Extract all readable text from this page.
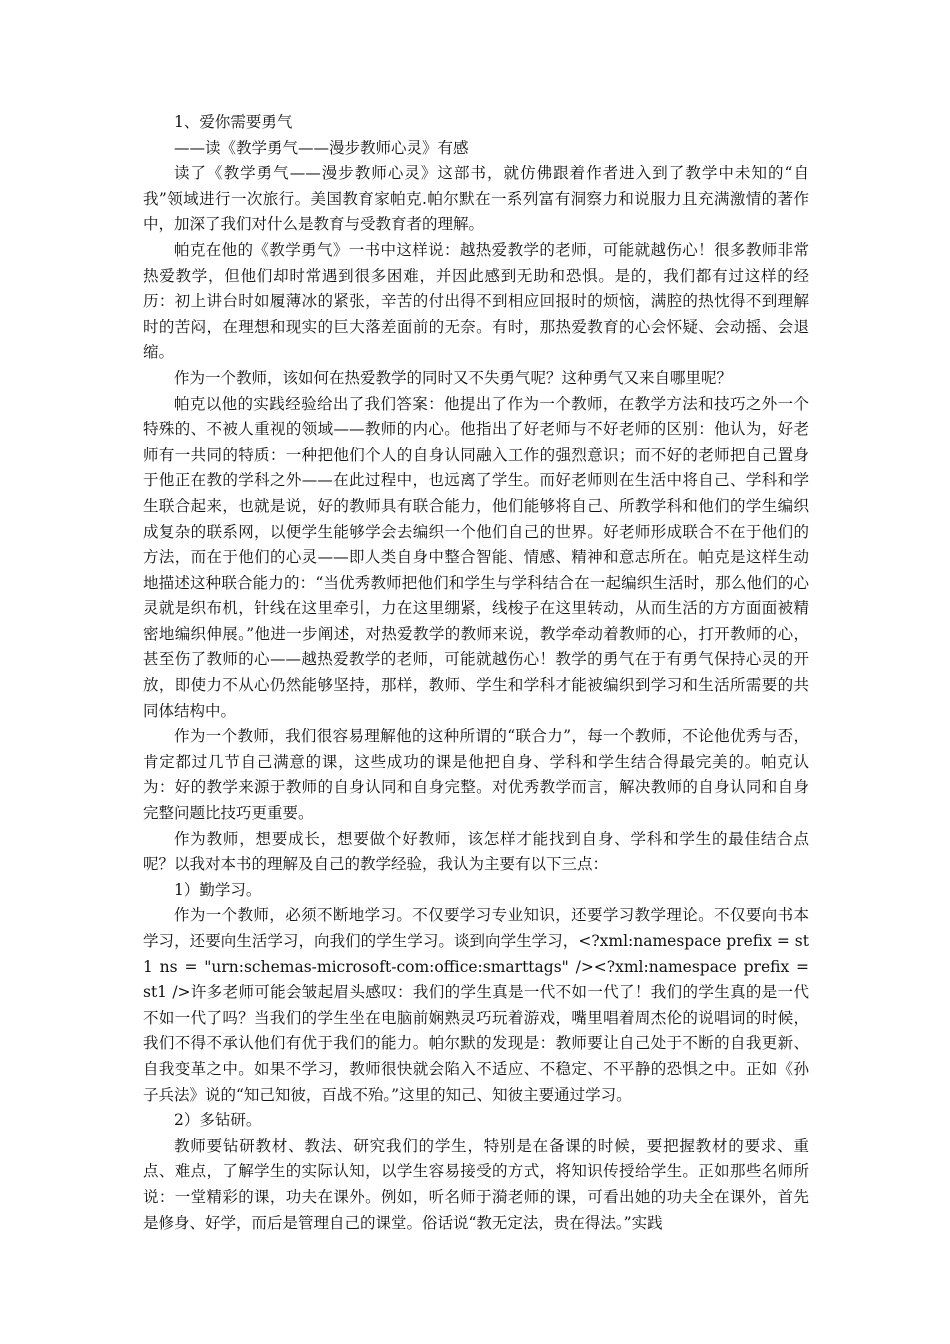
1、爱你需要勇气

——读《教学勇气——漫步教师心灵》有感

读了《教学勇气——漫步教师心灵》这部书，就仿佛跟着作者进入到了教学中未知的“自我”领域进行一次旅行。美国教育家帕克.帕尔默在一系列富有洞察力和说服力且充满激情的著作中，加深了我们对什么是教育与受教育者的理解。

帕克在他的《教学勇气》一书中这样说：越热爱教学的老师，可能就越伤心！很多教师非常热爱教学，但他们却时常遇到很多困难，并因此感到无助和恐惧。是的，我们都有过这样的经历：初上讲台时如履薄冰的紧张，辛苦的付出得不到相应回报时的烦恼，满腔的热忱得不到理解时的苦闷，在理想和现实的巨大落差面前的无奈。有时，那热爱教育的心会怀疑、会动摇、会退缩。

作为一个教师，该如何在热爱教学的同时又不失勇气呢？这种勇气又来自哪里呢？

帕克以他的实践经验给出了我们答案：他提出了作为一个教师，在教学方法和技巧之外一个特殊的、不被人重视的领域——教师的内心。他指出了好老师与不好老师的区别：他认为，好老师有一共同的特质：一种把他们个人的自身认同融入工作的强烈意识；而不好的老师把自己置身于他正在教的学科之外——在此过程中，也远离了学生。而好老师则在生活中将自己、学科和学生联合起来，也就是说，好的教师具有联合能力，他们能够将自己、所教学科和他们的学生编织成复杂的联系网，以便学生能够学会去编织一个他们自己的世界。好老师形成联合不在于他们的方法，而在于他们的心灵——即人类自身中整合智能、情感、精神和意志所在。帕克是这样生动地描述这种联合能力的：“当优秀教师把他们和学生与学科结合在一起编织生活时，那么他们的心灵就是织布机，针线在这里牵引，力在这里绷紧，线梭子在这里转动，从而生活的方方面面被精密地编织伸展。”他进一步阐述，对热爱教学的教师来说，教学牵动着教师的心，打开教师的心，甚至伤了教师的心——越热爱教学的老师，可能就越伤心！教学的勇气在于有勇气保持心灵的开放，即使力不从心仍然能够坚持，那样，教师、学生和学科才能被编织到学习和生活所需要的共同体结构中。

作为一个教师，我们很容易理解他的这种所谓的“联合力”，每一个教师，不论他优秀与否，肯定都过几节自己满意的课，这些成功的课是他把自身、学科和学生结合得最完美的。帕克认为：好的教学来源于教师的自身认同和自身完整。对优秀教学而言，解决教师的自身认同和自身完整问题比技巧更重要。

作为教师，想要成长，想要做个好教师，该怎样才能找到自身、学科和学生的最佳结合点呢？以我对本书的理解及自己的教学经验，我认为主要有以下三点：

1）勤学习。

作为一个教师，必须不断地学习。不仅要学习专业知识，还要学习教学理论。不仅要向书本学习，还要向生活学习，向我们的学生学习。谈到向学生学习，<?xml:namespace prefix = st1 ns = "urn:schemas-microsoft-com:office:smarttags" /><?xml:namespace prefix = st1 />许多老师可能会皱起眉头感叹：我们的学生真是一代不如一代了！我们的学生真的是一代不如一代了吗？当我们的学生坐在电脑前娴熟灵巧玩着游戏，嘴里唱着周杰伦的说唱词的时候，我们不得不承认他们有优于我们的能力。帕尔默的发现是：教师要让自己处于不断的自我更新、自我变革之中。如果不学习，教师很快就会陷入不适应、不稳定、不平静的恐惧之中。正如《孙子兵法》说的“知己知彼，百战不殆。”这里的知己、知彼主要通过学习。

2）多钻研。

教师要钻研教材、教法、研究我们的学生，特别是在备课的时候，要把握教材的要求、重点、难点，了解学生的实际认知，以学生容易接受的方式，将知识传授给学生。正如那些名师所说：一堂精彩的课，功夫在课外。例如，听名师于漪老师的课，可看出她的功夫全在课外，首先是修身、好学，而后是管理自己的课堂。俗话说“教无定法，贵在得法。”实践
